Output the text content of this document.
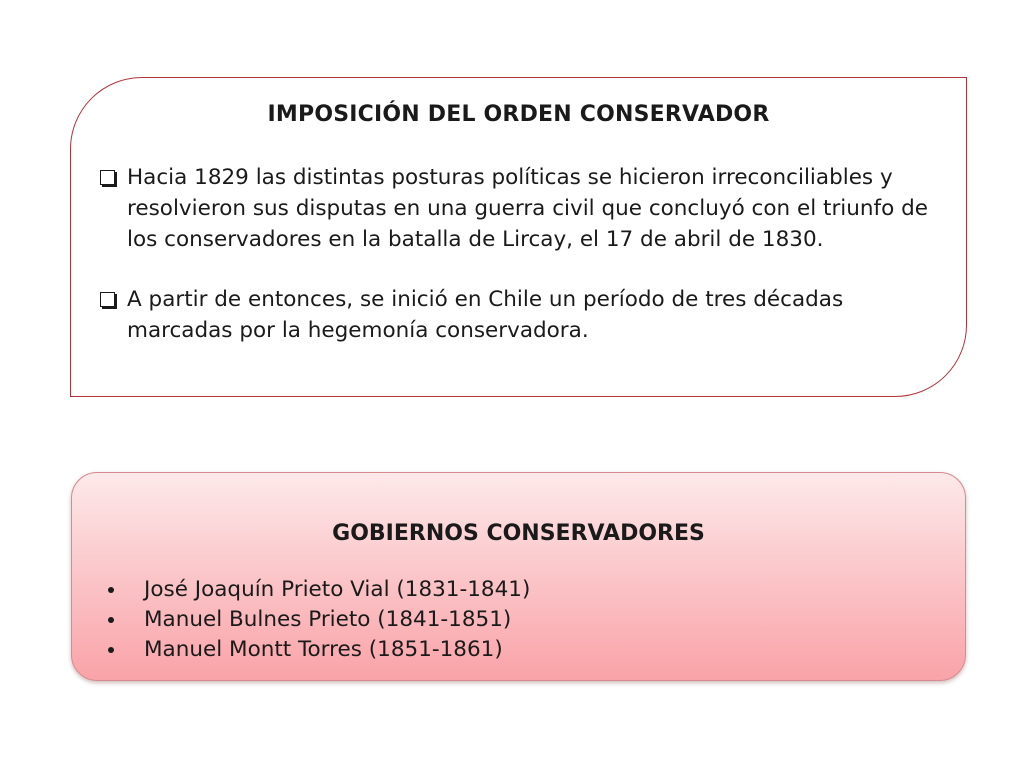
IMPOSICIÓN DEL ORDEN CONSERVADOR
Hacia 1829 las distintas posturas políticas se hicieron irreconciliables y resolvieron sus disputas en una guerra civil que concluyó con el triunfo de los conservadores en la batalla de Lircay, el 17 de abril de 1830.
A partir de entonces, se inició en Chile un período de tres décadas marcadas por la hegemonía conservadora.
GOBIERNOS CONSERVADORES
José Joaquín Prieto Vial (1831-1841)
Manuel Bulnes Prieto (1841-1851)
Manuel Montt Torres (1851-1861)
